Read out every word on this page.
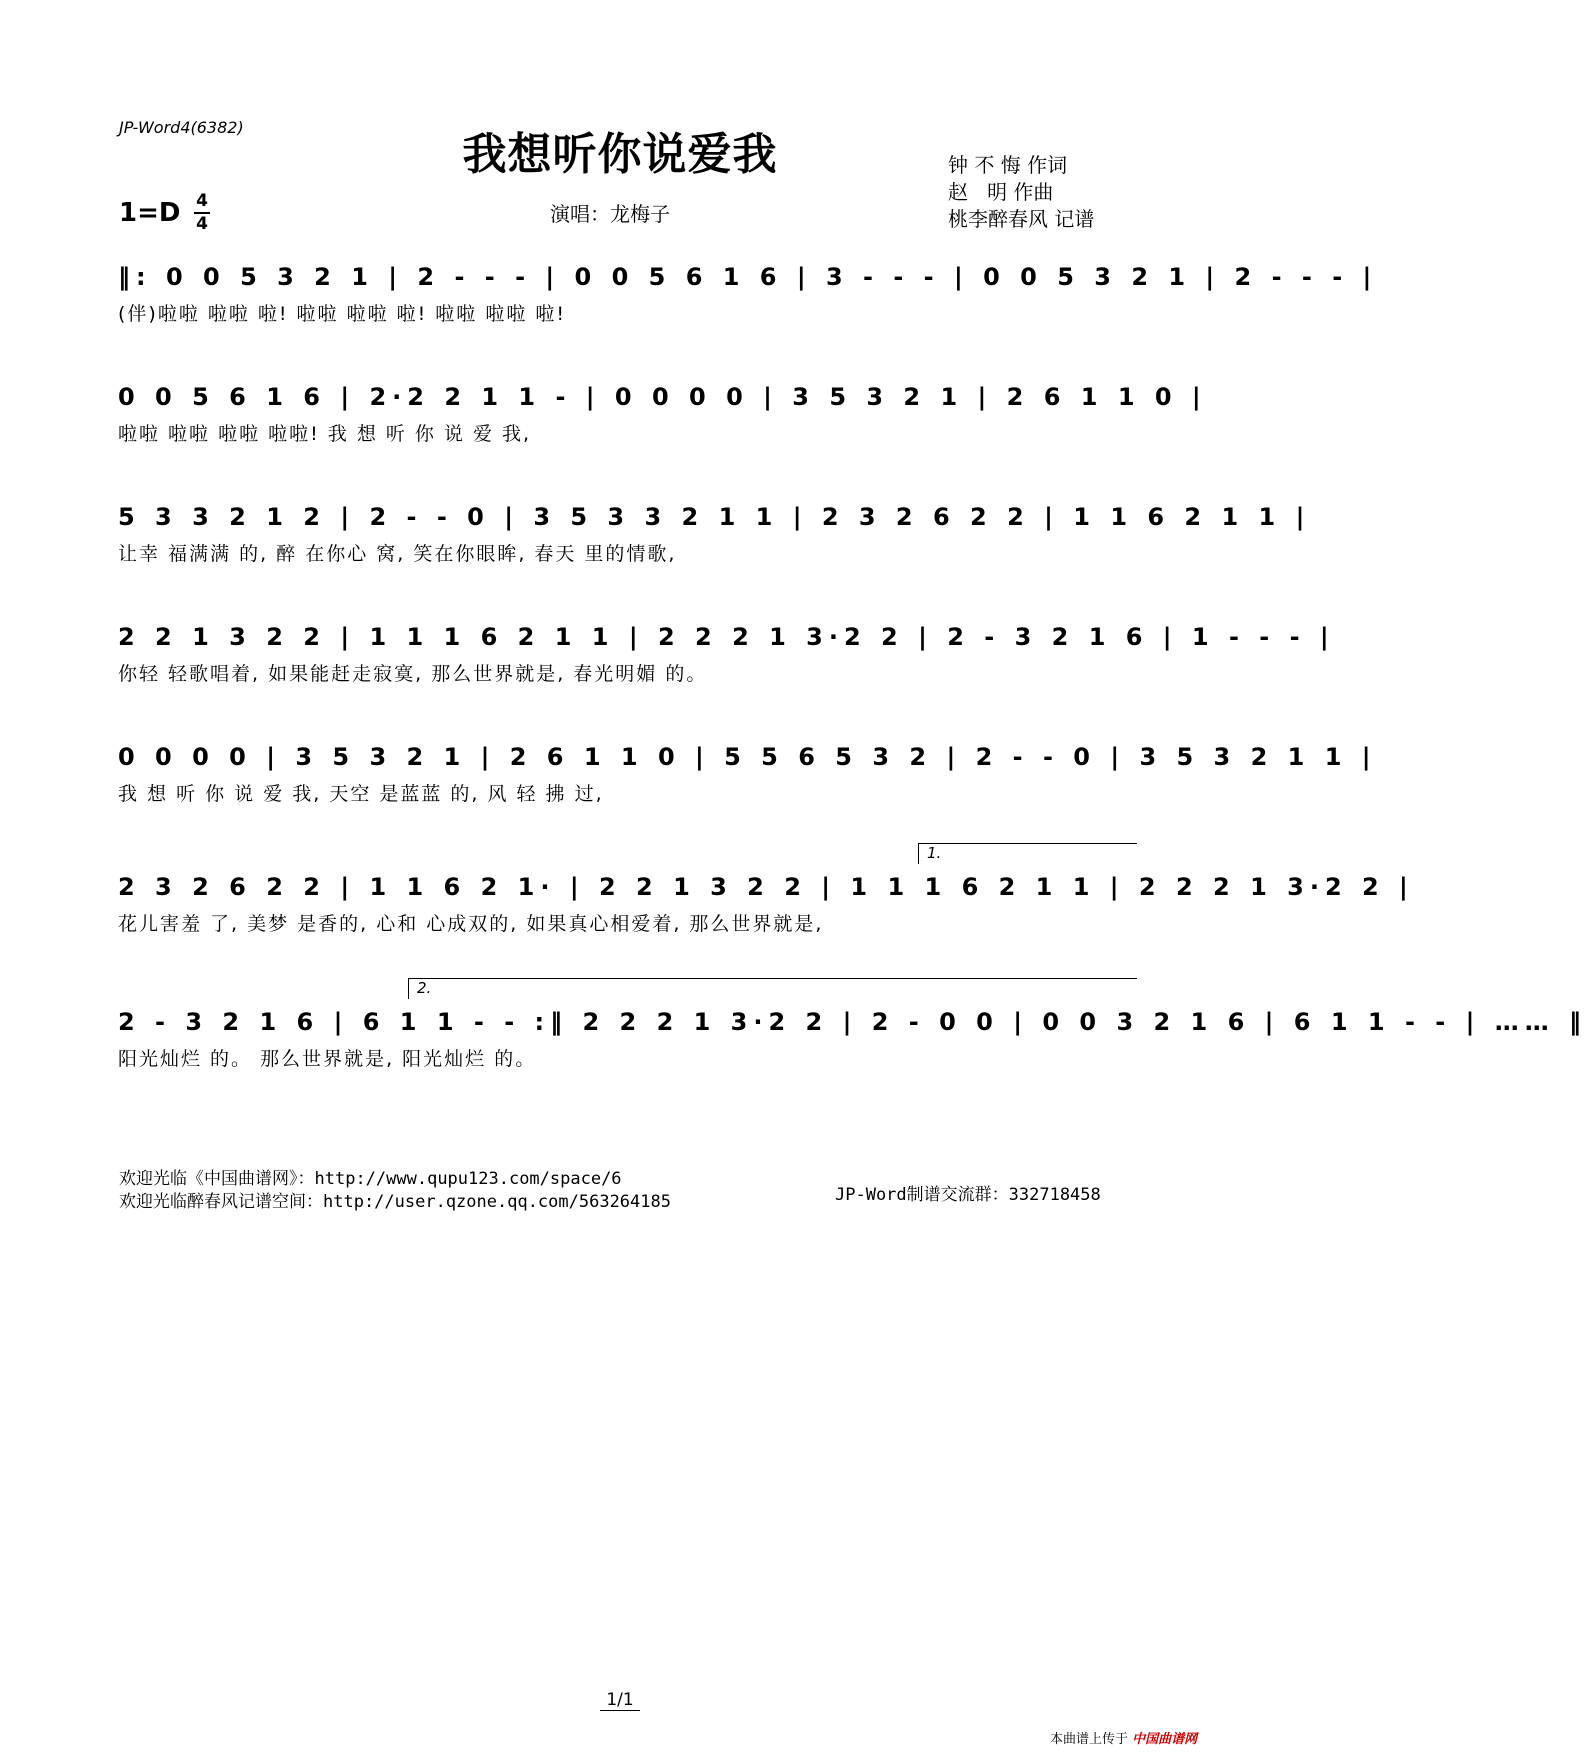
JP-Word4(6382)
我想听你说爱我
1=D 4
4	演唱：龙梅子
钟 不 悔 作词
赵   明 作曲
桃李醉春风 记谱
‖: 0 0 5 3 2 1 | 2 - - - | 0 0 5 6 1 6 | 3 - - - | 0 0 5 3 2 1 | 2 - - - |
(伴)啦啦 啦啦 啦! 啦啦 啦啦 啦! 啦啦 啦啦 啦!
0 0 5 6 1 6 | 2·2 2 1 1 - | 0 0 0 0 | 3 5 3 2 1 | 2 6 1 1 0 |
啦啦 啦啦 啦啦 啦啦! 我 想 听 你 说 爱 我,
5 3 3 2 1 2 | 2 - - 0 | 3 5 3 3 2 1 1 | 2 3 2 6 2 2 | 1 1 6 2 1 1 |
让幸 福满满 的, 醉 在你心 窝, 笑在你眼眸, 春天 里的情歌,
2 2 1 3 2 2 | 1 1 1 6 2 1 1 | 2 2 2 1 3·2 2 | 2 - 3 2 1 6 | 1 - - - |
你轻 轻歌唱着, 如果能赶走寂寞, 那么世界就是, 春光明媚 的。
0 0 0 0 | 3 5 3 2 1 | 2 6 1 1 0 | 5 5 6 5 3 2 | 2 - - 0 | 3 5 3 2 1 1 |
我 想 听 你 说 爱 我, 天空 是蓝蓝 的, 风 轻 拂 过,
1.
2 3 2 6 2 2 | 1 1 6 2 1· | 2 2 1 3 2 2 | 1 1 1 6 2 1 1 | 2 2 2 1 3·2 2 |
花儿害羞 了, 美梦 是香的, 心和 心成双的, 如果真心相爱着, 那么世界就是,
2.
2 - 3 2 1 6 | 6 1 1 - - :‖ 2 2 2 1 3·2 2 | 2 - 0 0 | 0 0 3 2 1 6 | 6 1 1 - - | …… ‖
阳光灿烂 的。 那么世界就是, 阳光灿烂 的。
欢迎光临《中国曲谱网》：http://www.qupu123.com/space/6
欢迎光临醉春风记谱空间：http://user.qzone.qq.com/563264185	JP-Word制谱交流群：332718458
1/1
本曲谱上传于 中国曲谱网
